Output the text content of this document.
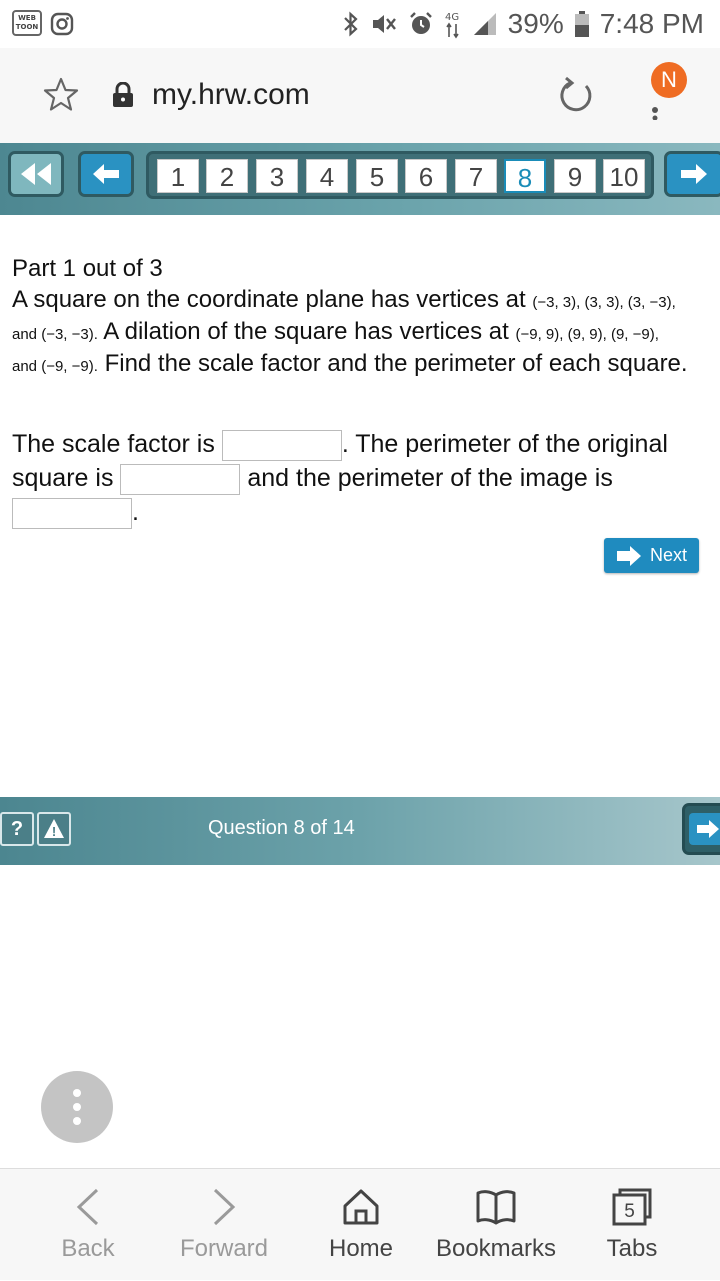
WEB TOON
4G 39% 7:48 PM
my.hrw.com	N
1	2	3	4	5	6	7	8	9	10
Part 1 out of 3
A square on the coordinate plane has vertices at (−3, 3), (3, 3), (3, −3),
and (−3, −3). A dilation of the square has vertices at (−9, 9), (9, 9), (9, −9),
and (−9, −9). Find the scale factor and the perimeter of each square.
The scale factor is	. The perimeter of the original
square is	and the perimeter of the image is
.
Next
?	!	Question 8 of 14
Back	Forward	Home Bookmarks
5
Tabs
